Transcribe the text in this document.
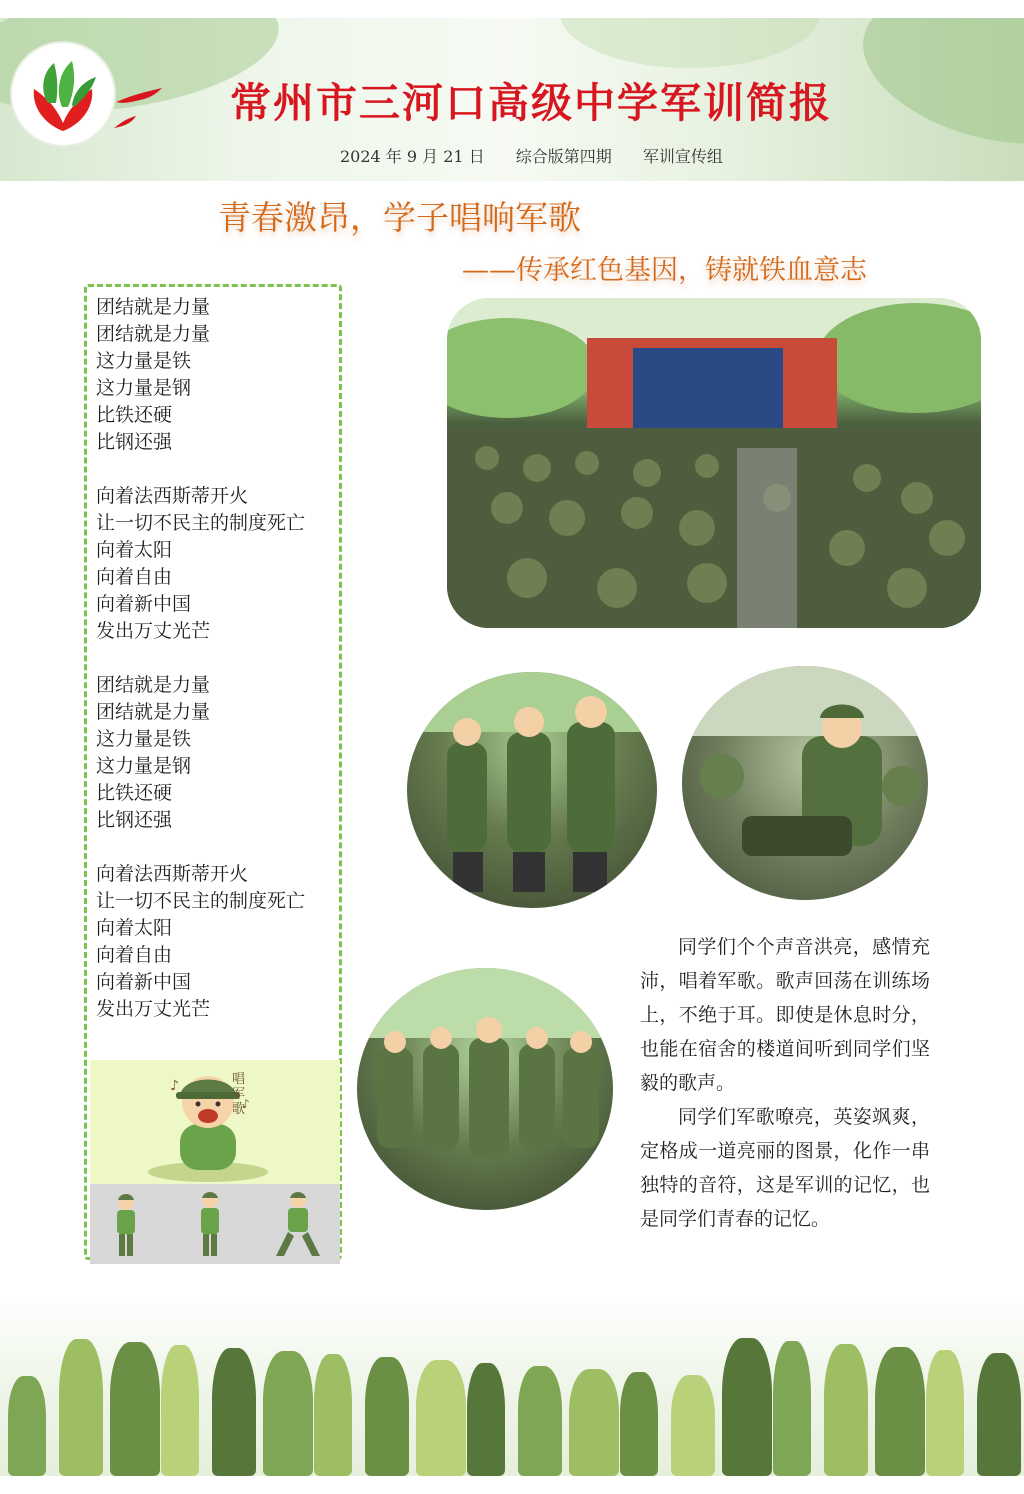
常州市三河口高级中学军训简报
2024 年 9 月 21 日 综合版第四期 军训宣传组
青春激昂，学子唱响军歌
——传承红色基因，铸就铁血意志
团结就是力量
团结就是力量
这力量是铁
这力量是钢
比铁还硬
比钢还强
向着法西斯蒂开火
让一切不民主的制度死亡
向着太阳
向着自由
向着新中国
发出万丈光芒
团结就是力量
团结就是力量
这力量是铁
这力量是钢
比铁还硬
比钢还强
向着法西斯蒂开火
让一切不民主的制度死亡
向着太阳
向着自由
向着新中国
发出万丈光芒
♪
♪
唱军歌

同学们个个声音洪亮，感情充沛，唱着军歌。歌声回荡在训练场上，不绝于耳。即使是休息时分，也能在宿舍的楼道间听到同学们坚毅的歌声。

同学们军歌嘹亮，英姿飒爽，定格成一道亮丽的图景，化作一串独特的音符，这是军训的记忆，也是同学们青春的记忆。
